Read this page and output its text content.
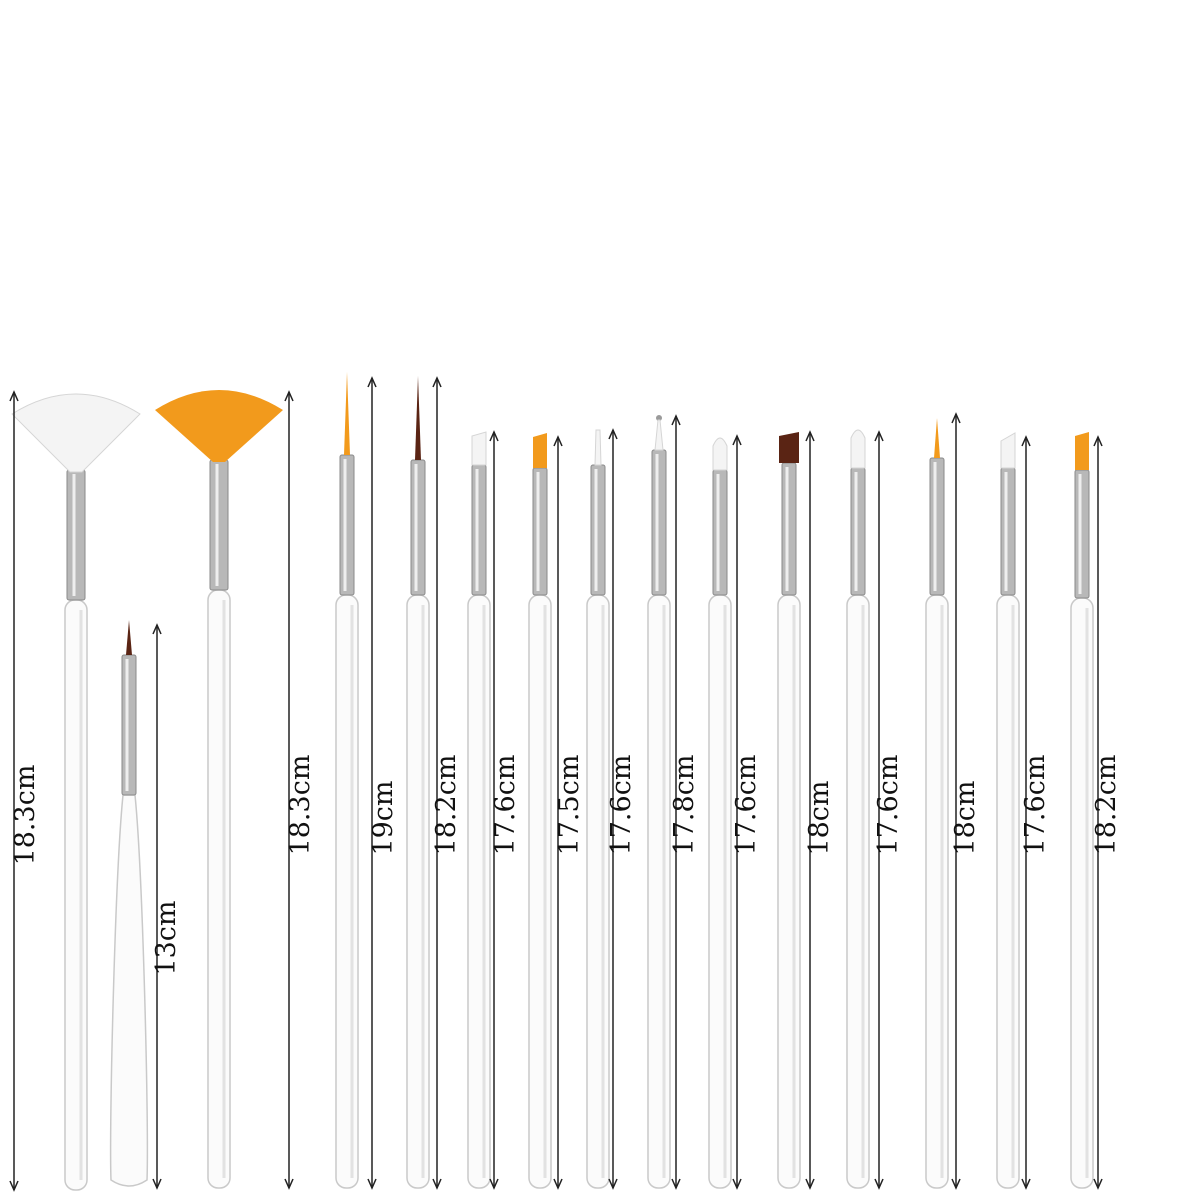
18.3cm
13cm
18.3cm 19cm 18.2cm 17.6cm 17.5cm 17.6cm 17.8cm 17.6cm 18cm 17.6cm 18cm 17.6cm 18.2cm
